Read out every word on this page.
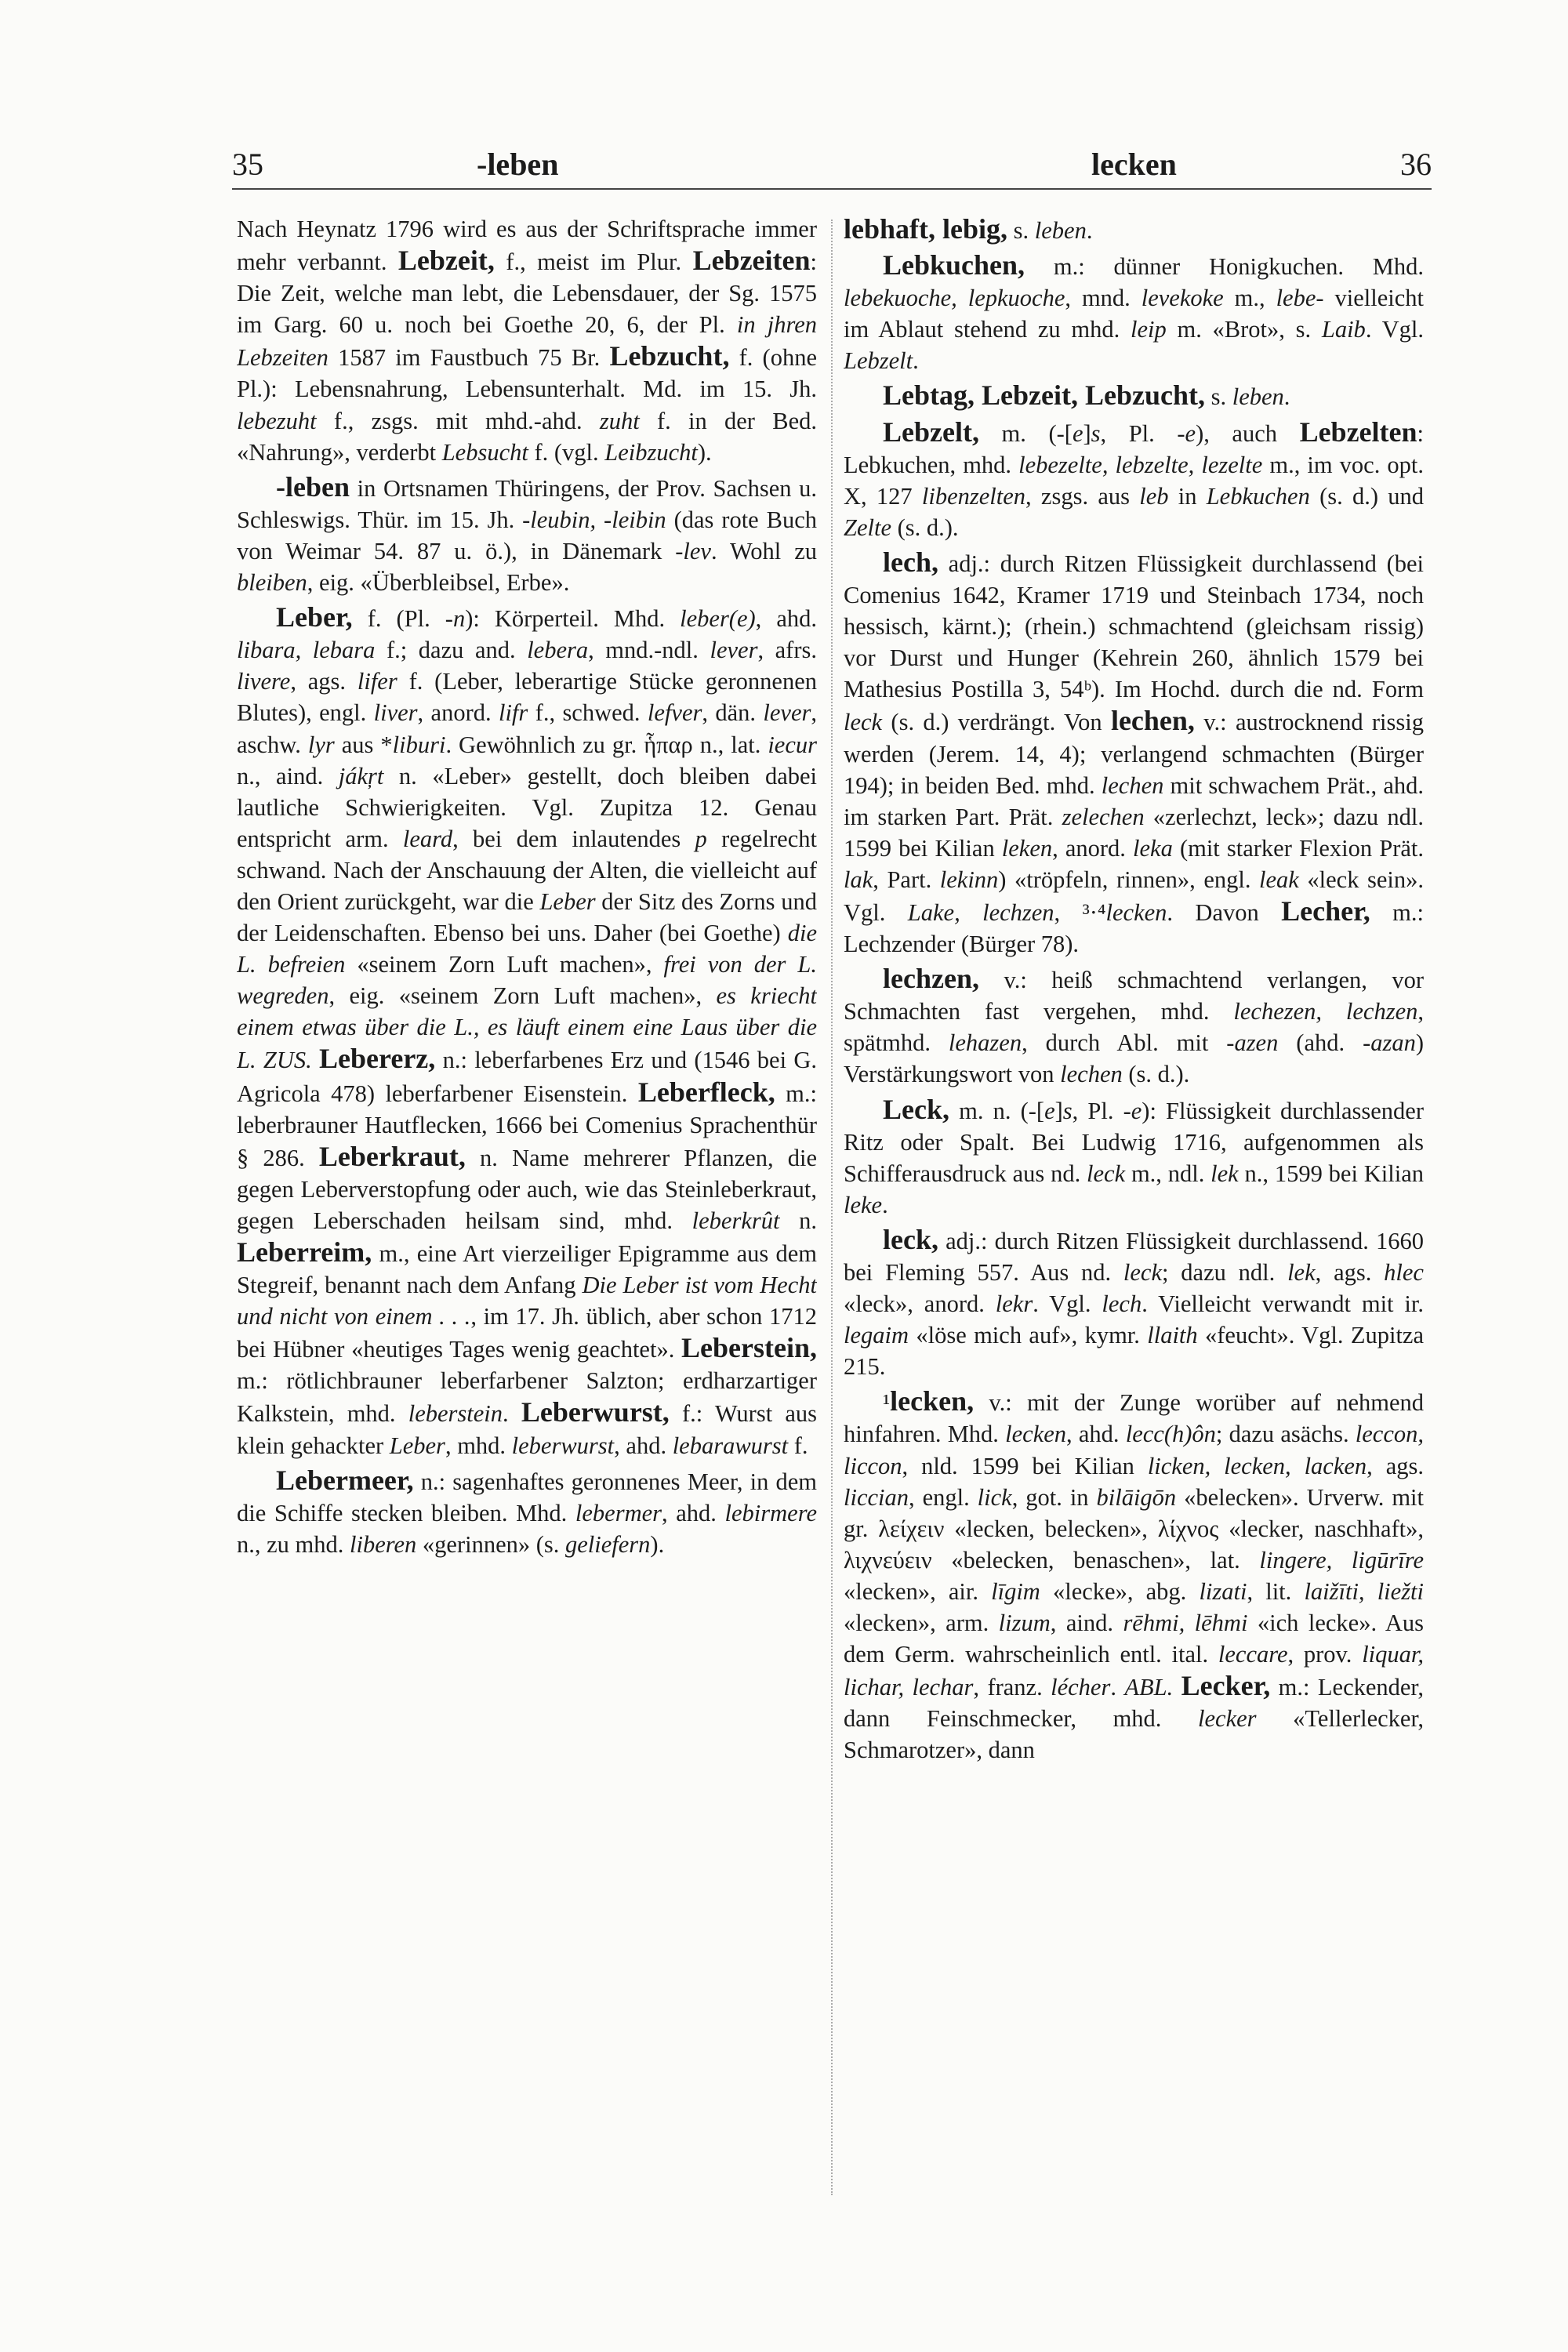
35	-leben	lecken	36

Nach Heynatz 1796 wird es aus der Schriftsprache immer mehr verbannt. Lebzeit, f., meist im Plur. Lebzeiten: Die Zeit, welche man lebt, die Lebensdauer, der Sg. 1575 im Garg. 60 u. noch bei Goethe 20, 6, der Pl. in jhren Lebzeiten 1587 im Faustbuch 75 Br. Lebzucht, f. (ohne Pl.): Lebensnahrung, Lebensunterhalt. Md. im 15. Jh. lebezuht f., zsgs. mit mhd.-ahd. zuht f. in der Bed. «Nahrung», verderbt Lebsucht f. (vgl. Leibzucht).

-leben in Ortsnamen Thüringens, der Prov. Sachsen u. Schleswigs. Thür. im 15. Jh. -leubin, -leibin (das rote Buch von Weimar 54. 87 u. ö.), in Dänemark -lev. Wohl zu bleiben, eig. «Überbleibsel, Erbe».

Leber, f. (Pl. -n): Körperteil. Mhd. leber(e), ahd. libara, lebara f.; dazu and. lebera, mnd.-ndl. lever, afrs. livere, ags. lifer f. (Leber, leberartige Stücke geronnenen Blutes), engl. liver, anord. lifr f., schwed. lefver, dän. lever, aschw. lyr aus *liburi. Gewöhnlich zu gr. ἧπαρ n., lat. iecur n., aind. jákŗt n. «Leber» gestellt, doch bleiben dabei lautliche Schwierigkeiten. Vgl. Zupitza 12. Genau entspricht arm. leard, bei dem inlautendes p regelrecht schwand. Nach der Anschauung der Alten, die vielleicht auf den Orient zurückgeht, war die Leber der Sitz des Zorns und der Leidenschaften. Ebenso bei uns. Daher (bei Goethe) die L. befreien «seinem Zorn Luft machen», frei von der L. wegreden, eig. «seinem Zorn Luft machen», es kriecht einem etwas über die L., es läuft einem eine Laus über die L. ZUS. Lebererz, n.: leberfarbenes Erz und (1546 bei G. Agricola 478) leberfarbener Eisenstein. Leberfleck, m.: leberbrauner Hautflecken, 1666 bei Comenius Sprachenthür § 286. Leberkraut, n. Name mehrerer Pflanzen, die gegen Leberverstopfung oder auch, wie das Steinleberkraut, gegen Leberschaden heilsam sind, mhd. leberkrût n. Leberreim, m., eine Art vierzeiliger Epigramme aus dem Stegreif, benannt nach dem Anfang Die Leber ist vom Hecht und nicht von einem . . ., im 17. Jh. üblich, aber schon 1712 bei Hübner «heutiges Tages wenig geachtet». Leberstein, m.: rötlichbrauner leberfarbener Salzton; erdharzartiger Kalkstein, mhd. leberstein. Leberwurst, f.: Wurst aus klein gehackter Leber, mhd. leberwurst, ahd. lebarawurst f.

Lebermeer, n.: sagenhaftes geronnenes Meer, in dem die Schiffe stecken bleiben. Mhd. lebermer, ahd. lebirmere n., zu mhd. liberen «gerinnen» (s. geliefern).

lebhaft, lebig, s. leben.

Lebkuchen, m.: dünner Honigkuchen. Mhd. lebekuoche, lepkuoche, mnd. levekoke m., lebe- vielleicht im Ablaut stehend zu mhd. leip m. «Brot», s. Laib. Vgl. Lebzelt.

Lebtag, Lebzeit, Lebzucht, s. leben.

Lebzelt, m. (-[e]s, Pl. -e), auch Lebzelten: Lebkuchen, mhd. lebezelte, lebzelte, lezelte m., im voc. opt. X, 127 libenzelten, zsgs. aus leb in Lebkuchen (s. d.) und Zelte (s. d.).

lech, adj.: durch Ritzen Flüssigkeit durchlassend (bei Comenius 1642, Kramer 1719 und Steinbach 1734, noch hessisch, kärnt.); (rhein.) schmachtend (gleichsam rissig) vor Durst und Hunger (Kehrein 260, ähnlich 1579 bei Mathesius Postilla 3, 54ᵇ). Im Hochd. durch die nd. Form leck (s. d.) verdrängt. Von lechen, v.: austrocknend rissig werden (Jerem. 14, 4); verlangend schmachten (Bürger 194); in beiden Bed. mhd. lechen mit schwachem Prät., ahd. im starken Part. Prät. zelechen «zerlechzt, leck»; dazu ndl. 1599 bei Kilian leken, anord. leka (mit starker Flexion Prät. lak, Part. lekinn) «tröpfeln, rinnen», engl. leak «leck sein». Vgl. Lake, lechzen, ³·⁴lecken. Davon Lecher, m.: Lechzender (Bürger 78).

lechzen, v.: heiß schmachtend verlangen, vor Schmachten fast vergehen, mhd. lechezen, lechzen, spätmhd. lehazen, durch Abl. mit -azen (ahd. -azan) Verstärkungswort von lechen (s. d.).

Leck, m. n. (-[e]s, Pl. -e): Flüssigkeit durchlassender Ritz oder Spalt. Bei Ludwig 1716, aufgenommen als Schifferausdruck aus nd. leck m., ndl. lek n., 1599 bei Kilian leke.

leck, adj.: durch Ritzen Flüssigkeit durchlassend. 1660 bei Fleming 557. Aus nd. leck; dazu ndl. lek, ags. hlec «leck», anord. lekr. Vgl. lech. Vielleicht verwandt mit ir. legaim «löse mich auf», kymr. llaith «feucht». Vgl. Zupitza 215.

¹lecken, v.: mit der Zunge worüber auf nehmend hinfahren. Mhd. lecken, ahd. lecc(h)ôn; dazu asächs. leccon, liccon, nld. 1599 bei Kilian licken, lecken, lacken, ags. liccian, engl. lick, got. in bilāigōn «belecken». Urverw. mit gr. λείχειν «lecken, belecken», λίχνος «lecker, naschhaft», λιχνεύειν «belecken, benaschen», lat. lingere, ligūrīre «lecken», air. līgim «lecke», abg. lizati, lit. laižīti, liežti «lecken», arm. lizum, aind. rēhmi, lēhmi «ich lecke». Aus dem Germ. wahrscheinlich entl. ital. leccare, prov. liquar, lichar, lechar, franz. lécher. ABL. Lecker, m.: Leckender, dann Feinschmecker, mhd. lecker «Tellerlecker, Schmarotzer», dann
